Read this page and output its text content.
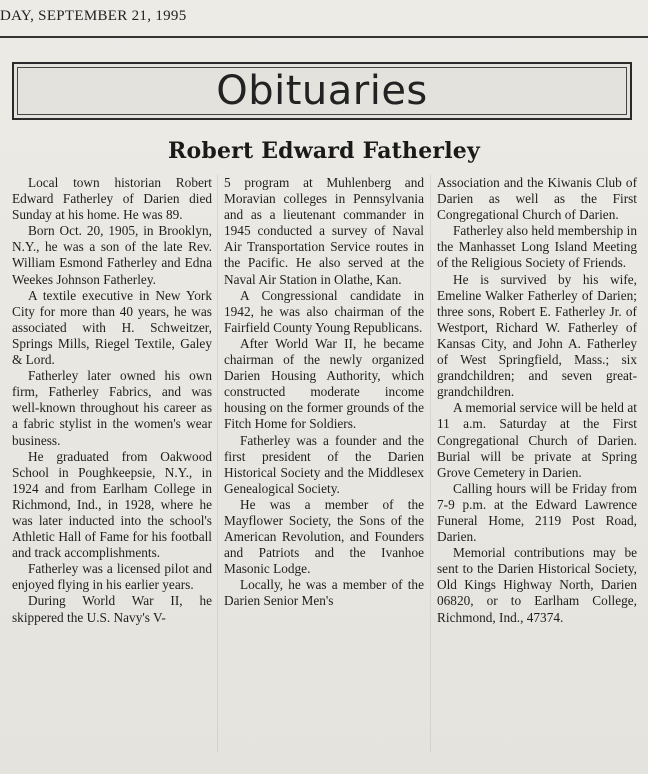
DAY, SEPTEMBER 21, 1995
Obituaries
Robert Edward Fatherley

Local town historian Robert Edward Fatherley of Darien died Sunday at his home. He was 89.

Born Oct. 20, 1905, in Brooklyn, N.Y., he was a son of the late Rev. William Esmond Fatherley and Edna Weekes Johnson Fatherley.

A textile executive in New York City for more than 40 years, he was associated with H. Schweitzer, Springs Mills, Riegel Textile, Galey & Lord.

Fatherley later owned his own firm, Fatherley Fabrics, and was well-known throughout his career as a fabric stylist in the women's wear business.

He graduated from Oakwood School in Poughkeepsie, N.Y., in 1924 and from Earlham College in Richmond, Ind., in 1928, where he was later inducted into the school's Athletic Hall of Fame for his football and track accomplishments.

Fatherley was a licensed pilot and enjoyed flying in his earlier years.

During World War II, he skippered the U.S. Navy's V-

5 program at Muhlenberg and Moravian colleges in Pennsylvania and as a lieutenant commander in 1945 conducted a survey of Naval Air Transportation Service routes in the Pacific. He also served at the Naval Air Station in Olathe, Kan.

A Congressional candidate in 1942, he was also chairman of the Fairfield County Young Republicans.

After World War II, he became chairman of the newly organized Darien Housing Authority, which constructed moderate income housing on the former grounds of the Fitch Home for Soldiers.

Fatherley was a founder and the first president of the Darien Historical Society and the Middlesex Genealogical Society.

He was a member of the Mayflower Society, the Sons of the American Revolution, and Founders and Patriots and the Ivanhoe Masonic Lodge.

Locally, he was a member of the Darien Senior Men's

Association and the Kiwanis Club of Darien as well as the First Congregational Church of Darien.

Fatherley also held membership in the Manhasset Long Island Meeting of the Religious Society of Friends.

He is survived by his wife, Emeline Walker Fatherley of Darien; three sons, Robert E. Fatherley Jr. of Westport, Richard W. Fatherley of Kansas City, and John A. Fatherley of West Springfield, Mass.; six grandchildren; and seven great-grandchildren.

A memorial service will be held at 11 a.m. Saturday at the First Congregational Church of Darien. Burial will be private at Spring Grove Cemetery in Darien.

Calling hours will be Friday from 7-9 p.m. at the Edward Lawrence Funeral Home, 2119 Post Road, Darien.

Memorial contributions may be sent to the Darien Historical Society, Old Kings Highway North, Darien 06820, or to Earlham College, Richmond, Ind., 47374.
